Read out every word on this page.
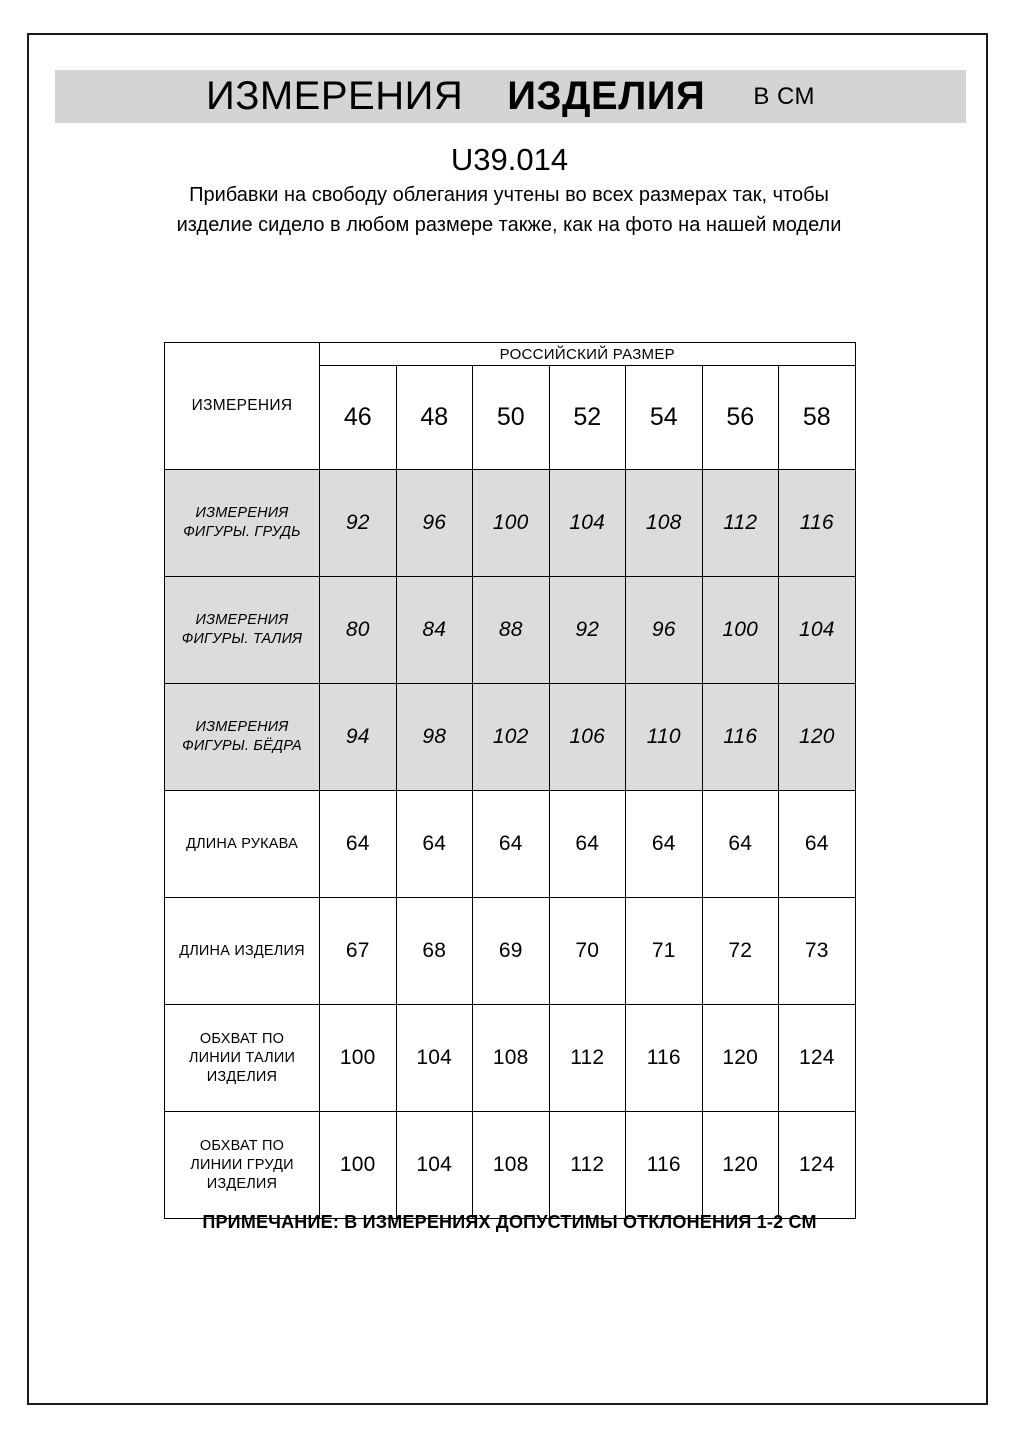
ИЗМЕРЕНИЯ ИЗДЕЛИЯ В СМ
U39.014
Прибавки на свободу облегания учтены во всех размерах так, чтобы изделие сидело в любом размере также, как на фото на нашей модели
ИЗМЕРЕНИЯ	РОССИЙСКИЙ РАЗМЕР						
	46	48	50	52	54	56	58
ИЗМЕРЕНИЯ
ФИГУРЫ. ГРУДЬ	92	96	100	104	108	112	116
ИЗМЕРЕНИЯ
ФИГУРЫ. ТАЛИЯ	80	84	88	92	96	100	104
ИЗМЕРЕНИЯ
ФИГУРЫ. БЁДРА	94	98	102	106	110	116	120
ДЛИНА РУКАВА	64	64	64	64	64	64	64
ДЛИНА ИЗДЕЛИЯ	67	68	69	70	71	72	73
ОБХВАТ ПО
ЛИНИИ ТАЛИИ
ИЗДЕЛИЯ	100	104	108	112	116	120	124
ОБХВАТ ПО
ЛИНИИ ГРУДИ
ИЗДЕЛИЯ	100	104	108	112	116	120	124
ПРИМЕЧАНИЕ: В ИЗМЕРЕНИЯХ ДОПУСТИМЫ ОТКЛОНЕНИЯ 1-2 СМ
